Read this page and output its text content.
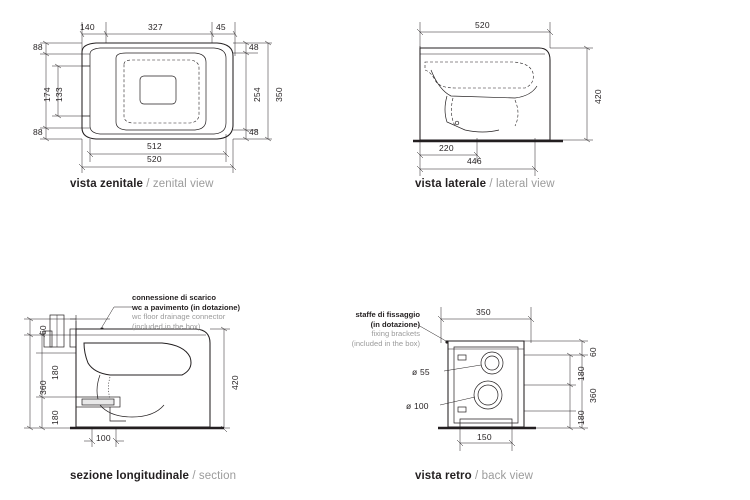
140	327	45
48
254 350
48
88
174 133
88
512
520
vista zenitale / zenital view
520
420
220
446
vista laterale / lateral view
connessione di scarico
wc a pavimento (in dotazione)
wc floor drainage connector
(included in the box)
60
180
360
180
420
100
sezione longitudinale / section
staffe di fissaggio
(in dotazione)
fixing brackets
(included in the box)
350
ø 55
ø 100
60
180
360
180
150
vista retro / back view
